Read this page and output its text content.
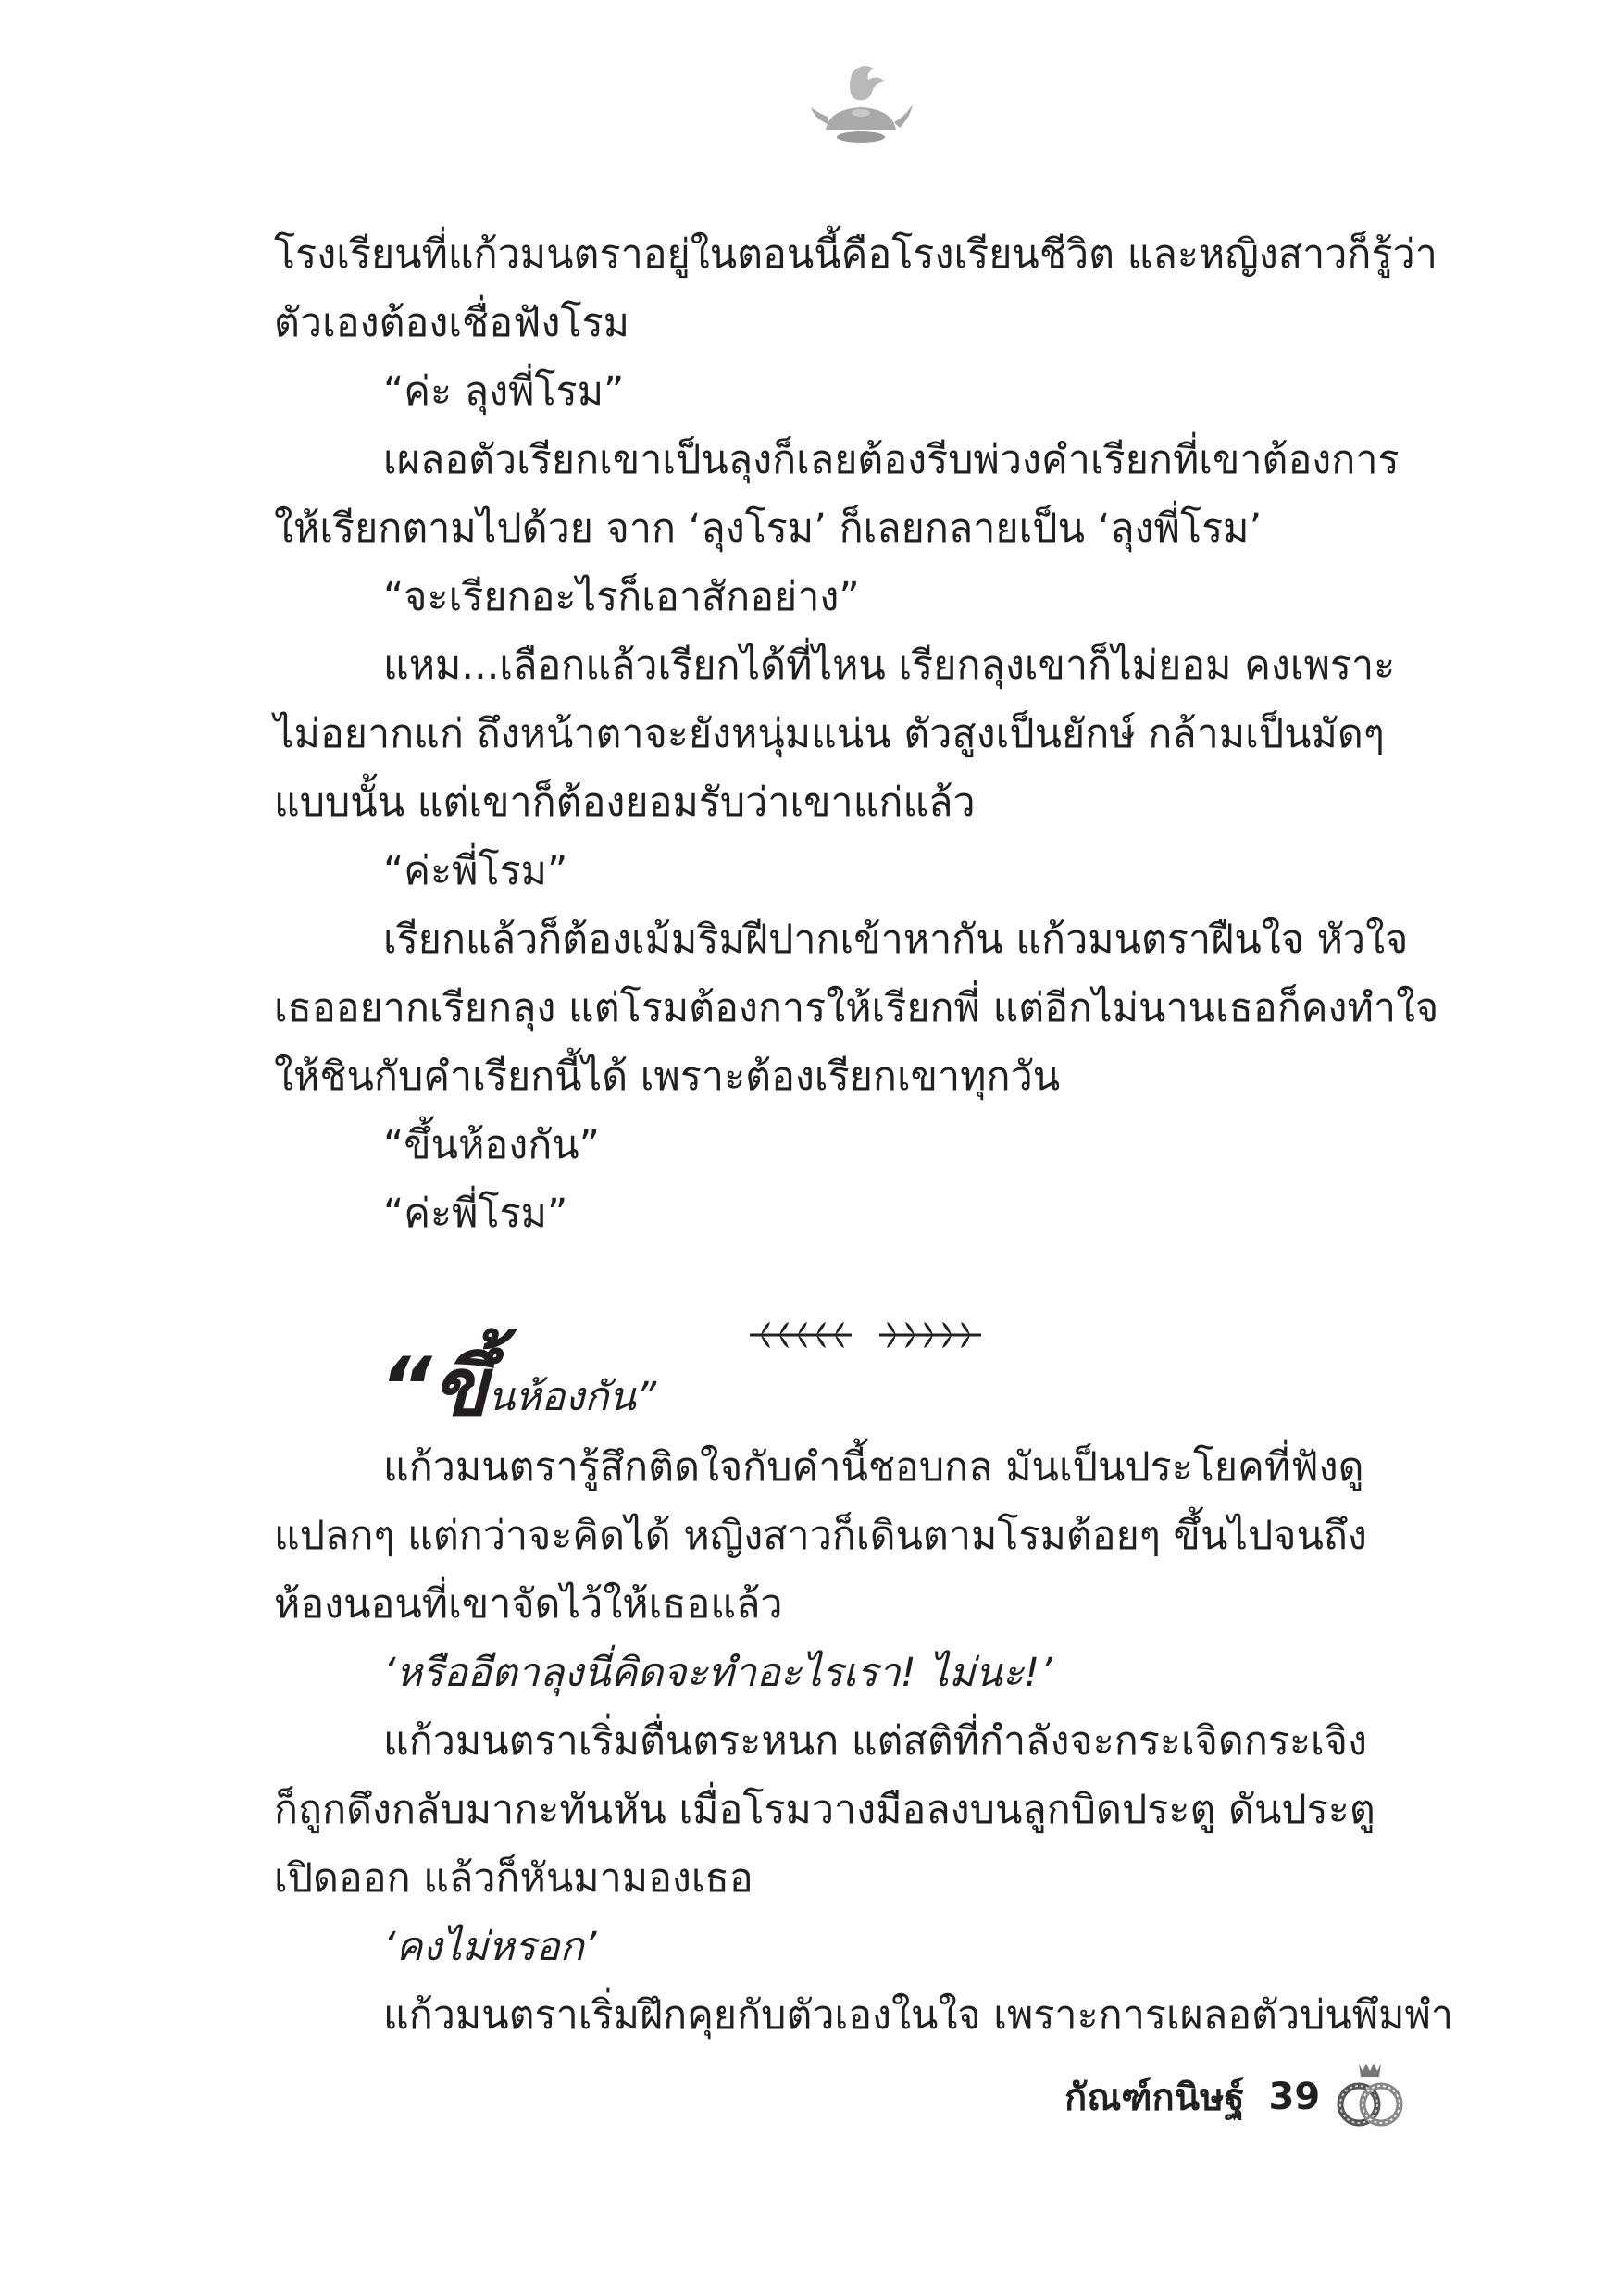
โรงเรียนที่แก้วมนตราอยู่ในตอนนี้คือโรงเรียนชีวิต และหญิงสาวก็รู้ว่า

ตัวเองต้องเชื่อฟังโรม

“ค่ะ ลุงพี่โรม”

เผลอตัวเรียกเขาเป็นลุงก็เลยต้องรีบพ่วงคำเรียกที่เขาต้องการ

ให้เรียกตามไปด้วย จาก ‘ลุงโรม’ ก็เลยกลายเป็น ‘ลุงพี่โรม’

“จะเรียกอะไรก็เอาสักอย่าง”

แหม...เลือกแล้วเรียกได้ที่ไหน เรียกลุงเขาก็ไม่ยอม คงเพราะ

ไม่อยากแก่ ถึงหน้าตาจะยังหนุ่มแน่น ตัวสูงเป็นยักษ์ กล้ามเป็นมัดๆ

แบบนั้น แต่เขาก็ต้องยอมรับว่าเขาแก่แล้ว

“ค่ะพี่โรม”

เรียกแล้วก็ต้องเม้มริมฝีปากเข้าหากัน แก้วมนตราฝืนใจ หัวใจ

เธออยากเรียกลุง แต่โรมต้องการให้เรียกพี่ แต่อีกไม่นานเธอก็คงทำใจ

ให้ชินกับคำเรียกนี้ได้ เพราะต้องเรียกเขาทุกวัน

“ขึ้นห้องกัน”

“ค่ะพี่โรม”

“ขึ้นห้องกัน”

แก้วมนตรารู้สึกติดใจกับคำนี้ชอบกล มันเป็นประโยคที่ฟังดู

แปลกๆ แต่กว่าจะคิดได้ หญิงสาวก็เดินตามโรมต้อยๆ ขึ้นไปจนถึง

ห้องนอนที่เขาจัดไว้ให้เธอแล้ว

‘หรืออีตาลุงนี่คิดจะทำอะไรเรา! ไม่นะ!’

แก้วมนตราเริ่มตื่นตระหนก แต่สติที่กำลังจะกระเจิดกระเจิง

ก็ถูกดึงกลับมากะทันหัน เมื่อโรมวางมือลงบนลูกบิดประตู ดันประตู

เปิดออก แล้วก็หันมามองเธอ

‘คงไม่หรอก’

แก้วมนตราเริ่มฝึกคุยกับตัวเองในใจ เพราะการเผลอตัวบ่นพึมพำ

กัณฑ์กนิษฐ์ 39
